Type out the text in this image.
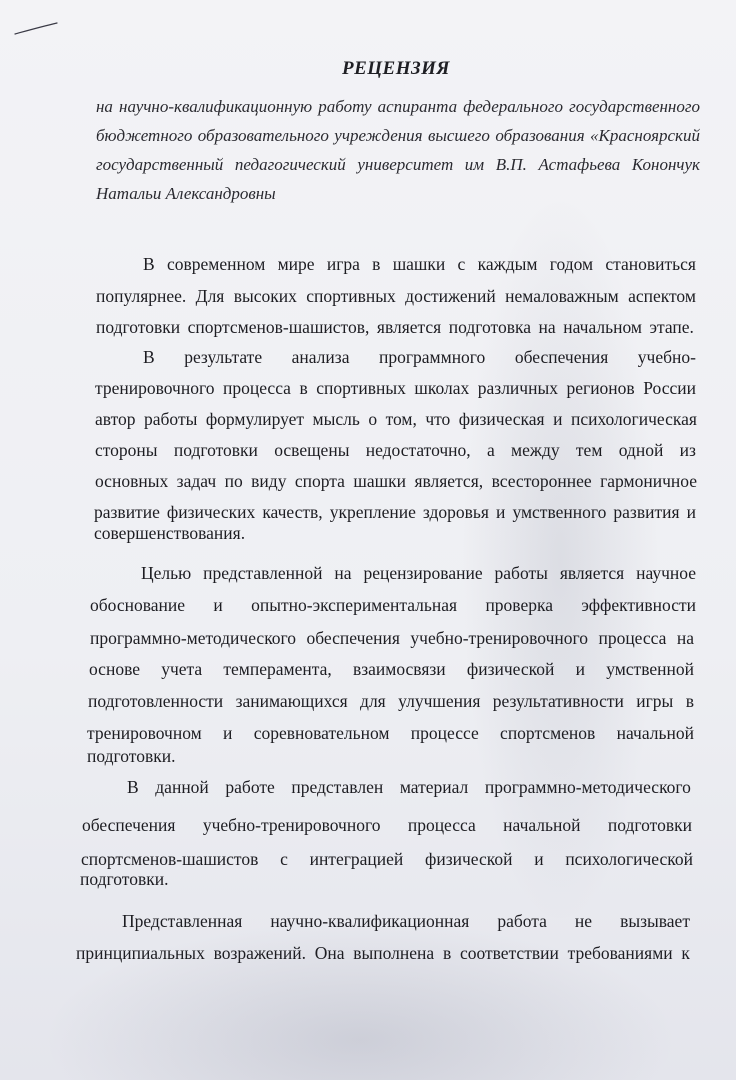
РЕЦЕНЗИЯ
на научно-квалификационную работу аспиранта федерального государственного бюджетного образовательного учреждения высшего образования «Красноярский государственный педагогический университет им В.П. Астафьева Конончук Натальи Александровны
В современном мире игра в шашки с каждым годом становиться
популярнее. Для высоких спортивных достижений немаловажным аспектом
подготовки спортсменов-шашистов, является подготовка на начальном этапе.
В результате анализа программного обеспечения учебно-
тренировочного процесса в спортивных школах различных регионов России
автор работы формулирует мысль о том, что физическая и психологическая
стороны подготовки освещены недостаточно, а между тем одной из
основных задач по виду спорта шашки является, всестороннее гармоничное
развитие физических качеств, укрепление здоровья и умственного развития и
совершенствования.
Целью представленной на рецензирование работы является научное
обоснование и опытно-экспериментальная проверка эффективности
программно-методического обеспечения учебно-тренировочного процесса на
основе учета темперамента, взаимосвязи физической и умственной
подготовленности занимающихся для улучшения результативности игры в
тренировочном и соревновательном процессе спортсменов начальной
подготовки.
В данной работе представлен материал программно-методического
обеспечения учебно-тренировочного процесса начальной подготовки
спортсменов-шашистов с интеграцией физической и психологической
подготовки.
Представленная научно-квалификационная работа не вызывает
принципиальных возражений. Она выполнена в соответствии требованиями к
